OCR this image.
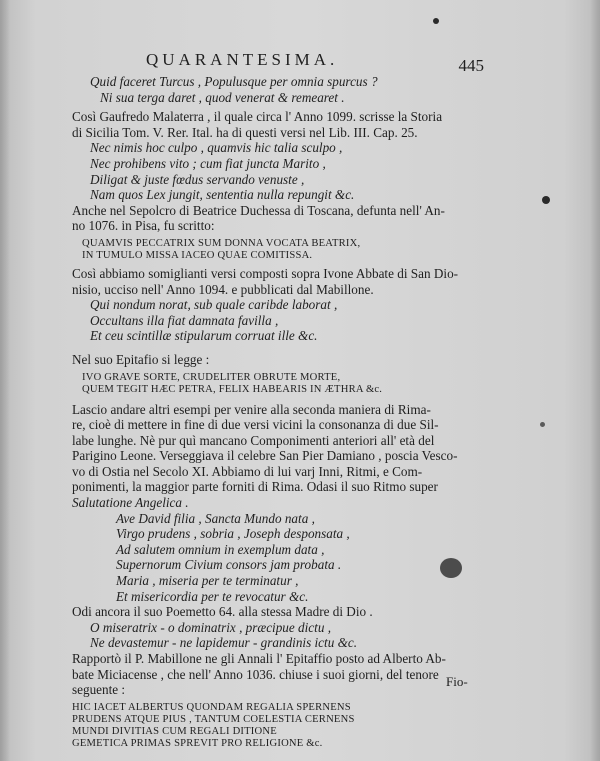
QUARANTESIMA.	445
Quid faceret Turcus , Populusque per omnia spurcus ?
Ni sua terga daret , quod venerat & remearet .
Così Gaufredo Malaterra , il quale circa l' Anno 1099. scrisse la Storia
di Sicilia Tom. V. Rer. Ital. ha di questi versi nel Lib. III. Cap. 25.
Nec nimis hoc culpo , quamvis hic talia sculpo ,
Nec prohibens vito ; cum fiat juncta Marito ,
Diligat & juste fœdus servando venuste ,
Nam quos Lex jungit, sententia nulla repungit &c.
Anche nel Sepolcro di Beatrice Duchessa di Toscana, defunta nell' An-
no 1076. in Pisa, fu scritto:
QUAMVIS PECCATRIX SUM DONNA VOCATA BEATRIX,
IN TUMULO MISSA IACEO QUAE COMITISSA.
Così abbiamo somiglianti versi composti sopra Ivone Abbate di San Dio-
nisio, ucciso nell' Anno 1094. e pubblicati dal Mabillone.
Qui nondum norat, sub quale caribde laborat ,
Occultans illa fiat damnata favilla ,
Et ceu scintillæ stipularum corruat ille &c.
Nel suo Epitafio si legge :
IVO GRAVE SORTE, CRUDELITER OBRUTE MORTE,
QUEM TEGIT HÆC PETRA, FELIX HABEARIS IN ÆTHRA &c.
Lascio andare altri esempi per venire alla seconda maniera di Rima-
re, cioè di mettere in fine di due versi vicini la consonanza di due Sil-
labe lunghe. Nè pur quì mancano Componimenti anteriori all' età del
Parigino Leone. Verseggiava il celebre San Pier Damiano , poscia Vesco-
vo di Ostia nel Secolo XI. Abbiamo di lui varj Inni, Ritmi, e Com-
ponimenti, la maggior parte forniti di Rima. Odasi il suo Ritmo super
Salutatione Angelica .
Ave David filia , Sancta Mundo nata ,
Virgo prudens , sobria , Joseph desponsata ,
Ad salutem omnium in exemplum data ,
Supernorum Civium consors jam probata .
Maria , miseria per te terminatur ,
Et misericordia per te revocatur &c.
Odi ancora il suo Poemetto 64. alla stessa Madre di Dio .
O miseratrix - o dominatrix , præcipue dictu ,
Ne devastemur - ne lapidemur - grandinis ictu &c.
Rapportò il P. Mabillone ne gli Annali l' Epitaffio posto ad Alberto Ab-
bate Miciacense , che nell' Anno 1036. chiuse i suoi giorni, del tenore
seguente :
HIC IACET ALBERTUS QUONDAM REGALIA SPERNENS
PRUDENS ATQUE PIUS , TANTUM COELESTIA CERNENS
MUNDI DIVITIAS CUM REGALI DITIONE
GEMETICA PRIMAS SPREVIT PRO RELIGIONE &c.
Fio-
